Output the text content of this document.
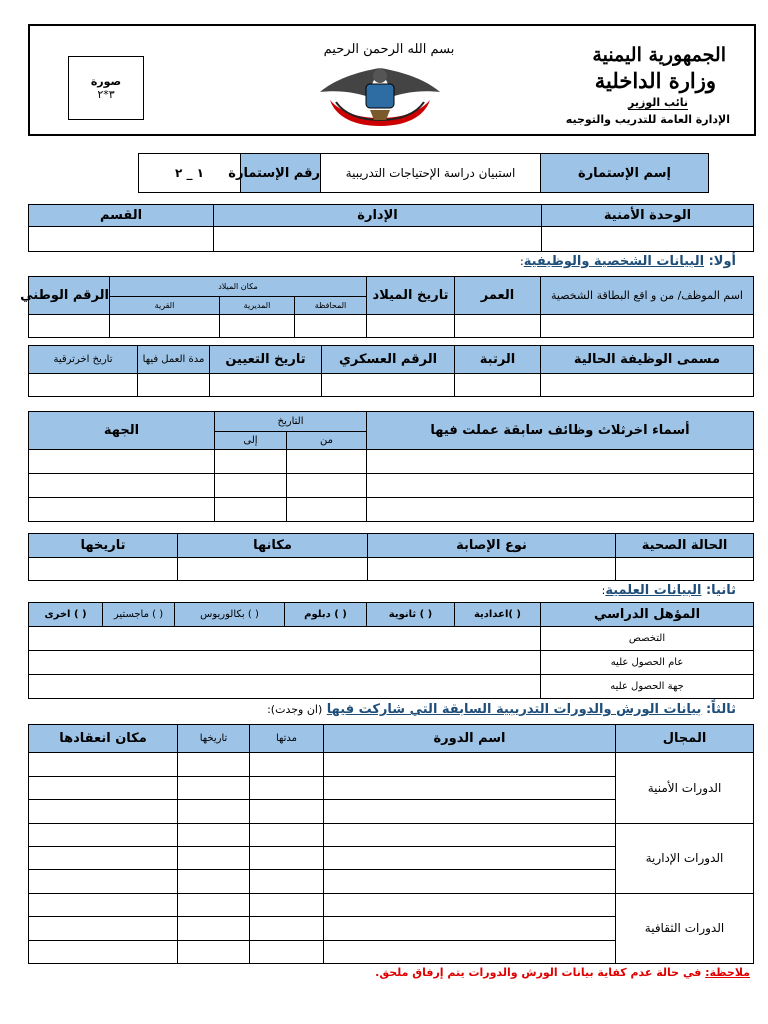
الجمهورية اليمنية
وزارة الداخلية
نائب الوزير
الإدارة العامة للتدريب والتوجيه
بسم الله الرحمن الرحيم
صورة
٣*٢
إسم الإستمارة	استبيان دراسة الإحتياجات التدريبية	رقم الإستمارة	١ _ ٢
الوحدة الأمنية	الإدارة	القسم

أولا: البيانات الشخصية والوظيفية:
اسم الموظف/ من و اقع البطاقة الشخصية	العمر	تاريخ الميلاد	مكان الميلاد			الرقم الوطني
			المحافظة	المديرية	القرية	

مسمى الوظيفة الحالية	الرتبة	الرقم العسكري	تاريخ التعيين	مدة العمل فيها	تاريخ اخرترقية

أسماء اخرثلاث وظائف سابقة عملت فيها	التاريخ		الجهة
	من	إلى	

الحالة الصحية	نوع الإصابة	مكانها	تاريخها

ثانيا: البيانات العلمية:
المؤهل الدراسي	( )اعدادية	( ) ثانوية	( ) دبلوم	( ) بكالوريوس	( ) ماجستير	( ) اخرى
التخصص						
عام الحصول عليه						
جهة الحصول عليه						
ثالثاً: بيانات الورش والدورات التدريبية السابقة التي شاركت فيها (ان وجدت):
المجال	اسم الدورة	مدتها	تاريخها	مكان انعقادها
الدورات الأمنية				

الدورات الإدارية				

الدورات الثقافية				

ملاحظة: في حالة عدم كفاية بيانات الورش والدورات يتم إرفاق ملحق.
